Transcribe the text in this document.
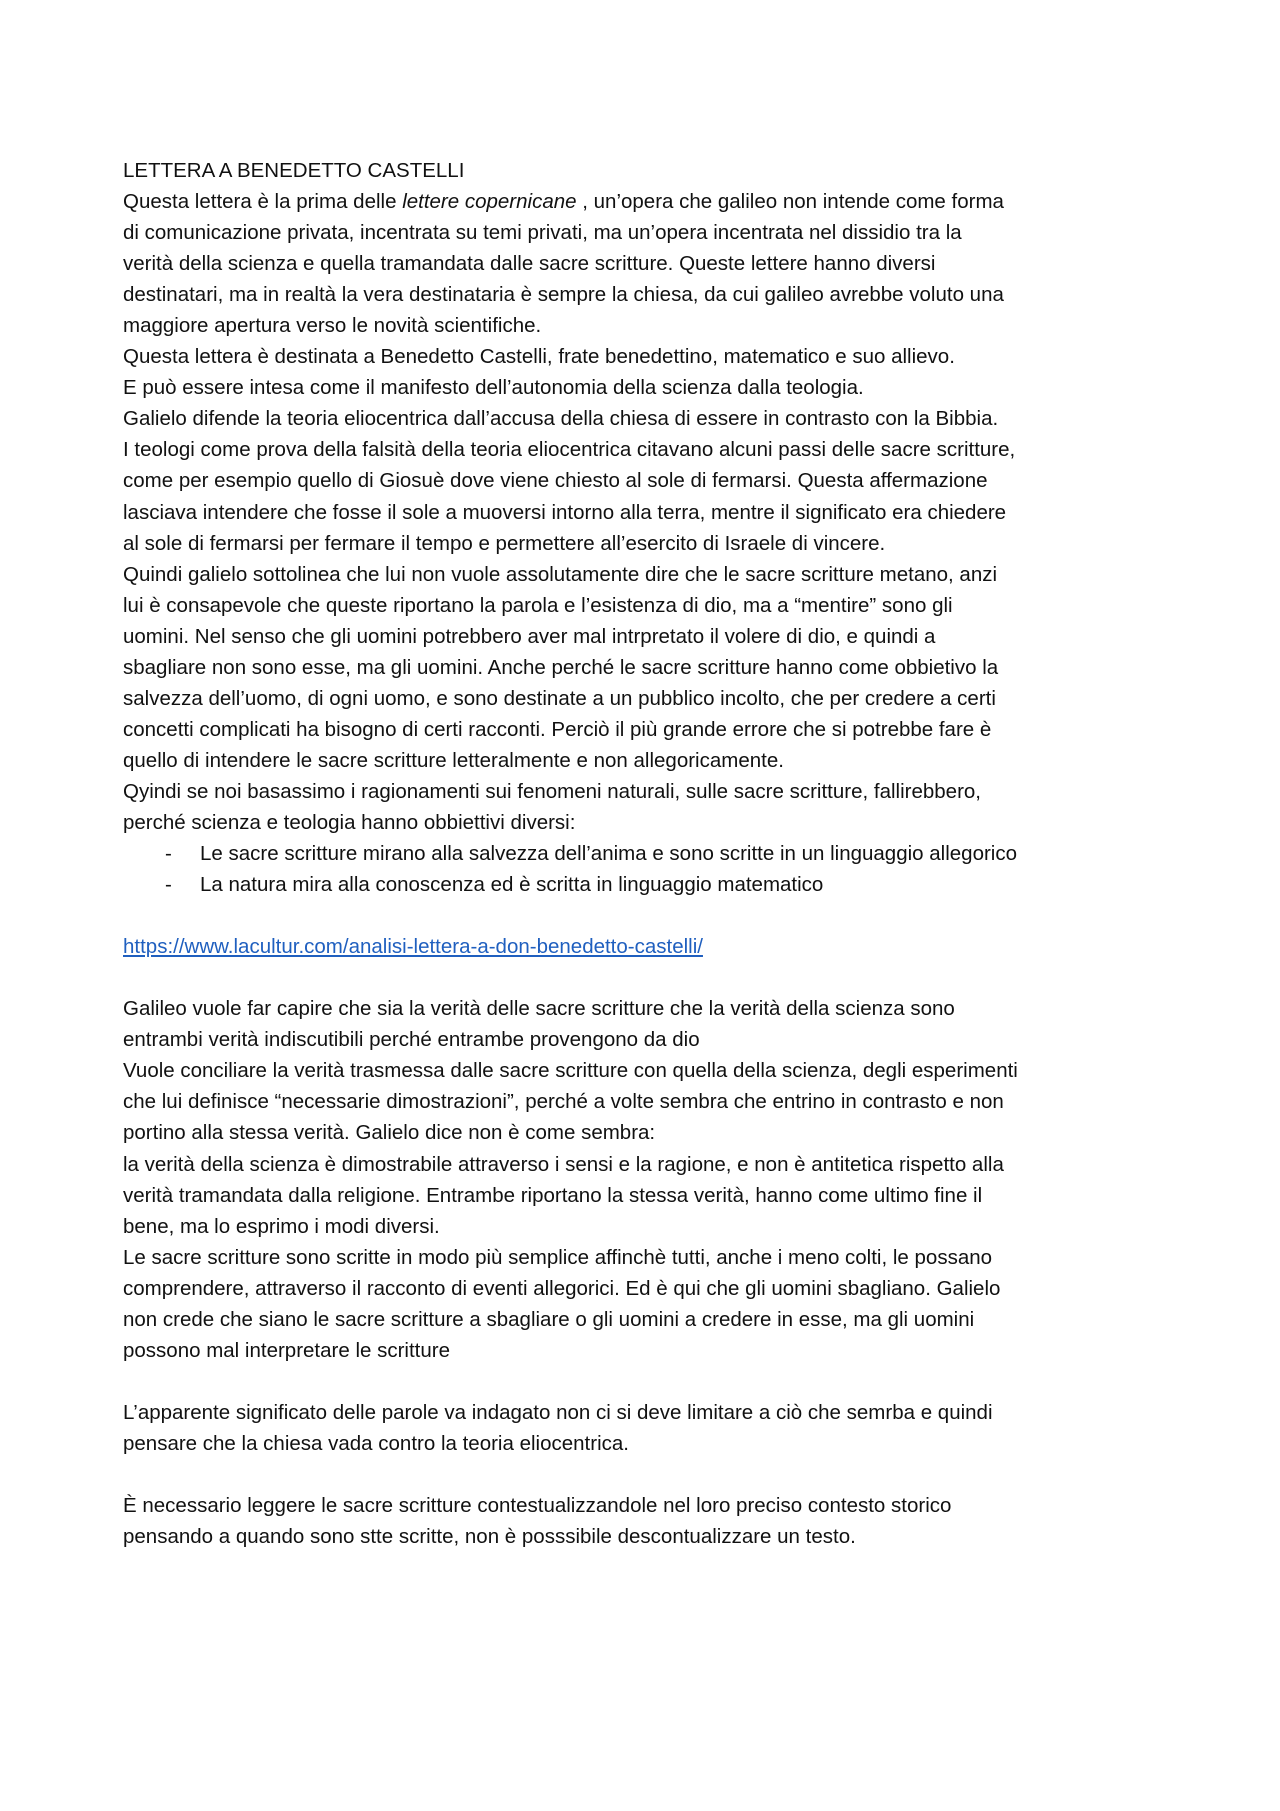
LETTERA A BENEDETTO CASTELLI
Questa lettera è la prima delle lettere copernicane , un’opera che galileo non intende come forma
di comunicazione privata, incentrata su temi privati, ma un’opera incentrata nel dissidio tra la
verità della scienza e quella tramandata dalle sacre scritture. Queste lettere hanno diversi
destinatari, ma in realtà la vera destinataria è sempre la chiesa, da cui galileo avrebbe voluto una
maggiore apertura verso le novità scientifiche.
Questa lettera è destinata a Benedetto Castelli, frate benedettino, matematico e suo allievo.
E può essere intesa come il manifesto dell’autonomia della scienza dalla teologia.
Galielo difende la teoria eliocentrica dall’accusa della chiesa di essere in contrasto con la Bibbia.
I teologi come prova della falsità della teoria eliocentrica citavano alcuni passi delle sacre scritture,
come per esempio quello di Giosuè dove viene chiesto al sole di fermarsi. Questa affermazione
lasciava intendere che fosse il sole a muoversi intorno alla terra, mentre il significato era chiedere
al sole di fermarsi per fermare il tempo e permettere all’esercito di Israele di vincere.
Quindi galielo sottolinea che lui non vuole assolutamente dire che le sacre scritture metano, anzi
lui è consapevole che queste riportano la parola e l’esistenza di dio, ma a “mentire” sono gli
uomini. Nel senso che gli uomini potrebbero aver mal intrpretato il volere di dio, e quindi a
sbagliare non sono esse, ma gli uomini. Anche perché le sacre scritture hanno come obbietivo la
salvezza dell’uomo, di ogni uomo, e sono destinate a un pubblico incolto, che per credere a certi
concetti complicati ha bisogno di certi racconti. Perciò il più grande errore che si potrebbe fare è
quello di intendere le sacre scritture letteralmente e non allegoricamente.
Qyindi se noi basassimo i ragionamenti sui fenomeni naturali, sulle sacre scritture, fallirebbero,
perché scienza e teologia hanno obbiettivi diversi:
- Le sacre scritture mirano alla salvezza dell’anima e sono scritte in un linguaggio allegorico
- La natura mira alla conoscenza ed è scritta in linguaggio matematico
https://www.lacultur.com/analisi-lettera-a-don-benedetto-castelli/
Galileo vuole far capire che sia la verità delle sacre scritture che la verità della scienza sono
entrambi verità indiscutibili perché entrambe provengono da dio
Vuole conciliare la verità trasmessa dalle sacre scritture con quella della scienza, degli esperimenti
che lui definisce “necessarie dimostrazioni”, perché a volte sembra che entrino in contrasto e non
portino alla stessa verità. Galielo dice non è come sembra:
la verità della scienza è dimostrabile attraverso i sensi e la ragione, e non è antitetica rispetto alla
verità tramandata dalla religione. Entrambe riportano la stessa verità, hanno come ultimo fine il
bene, ma lo esprimo i modi diversi.
Le sacre scritture sono scritte in modo più semplice affinchè tutti, anche i meno colti, le possano
comprendere, attraverso il racconto di eventi allegorici. Ed è qui che gli uomini sbagliano. Galielo
non crede che siano le sacre scritture a sbagliare o gli uomini a credere in esse, ma gli uomini
possono mal interpretare le scritture
L’apparente significato delle parole va indagato non ci si deve limitare a ciò che semrba e quindi
pensare che la chiesa vada contro la teoria eliocentrica.
È necessario leggere le sacre scritture contestualizzandole nel loro preciso contesto storico
pensando a quando sono stte scritte, non è posssibile descontualizzare un testo.
